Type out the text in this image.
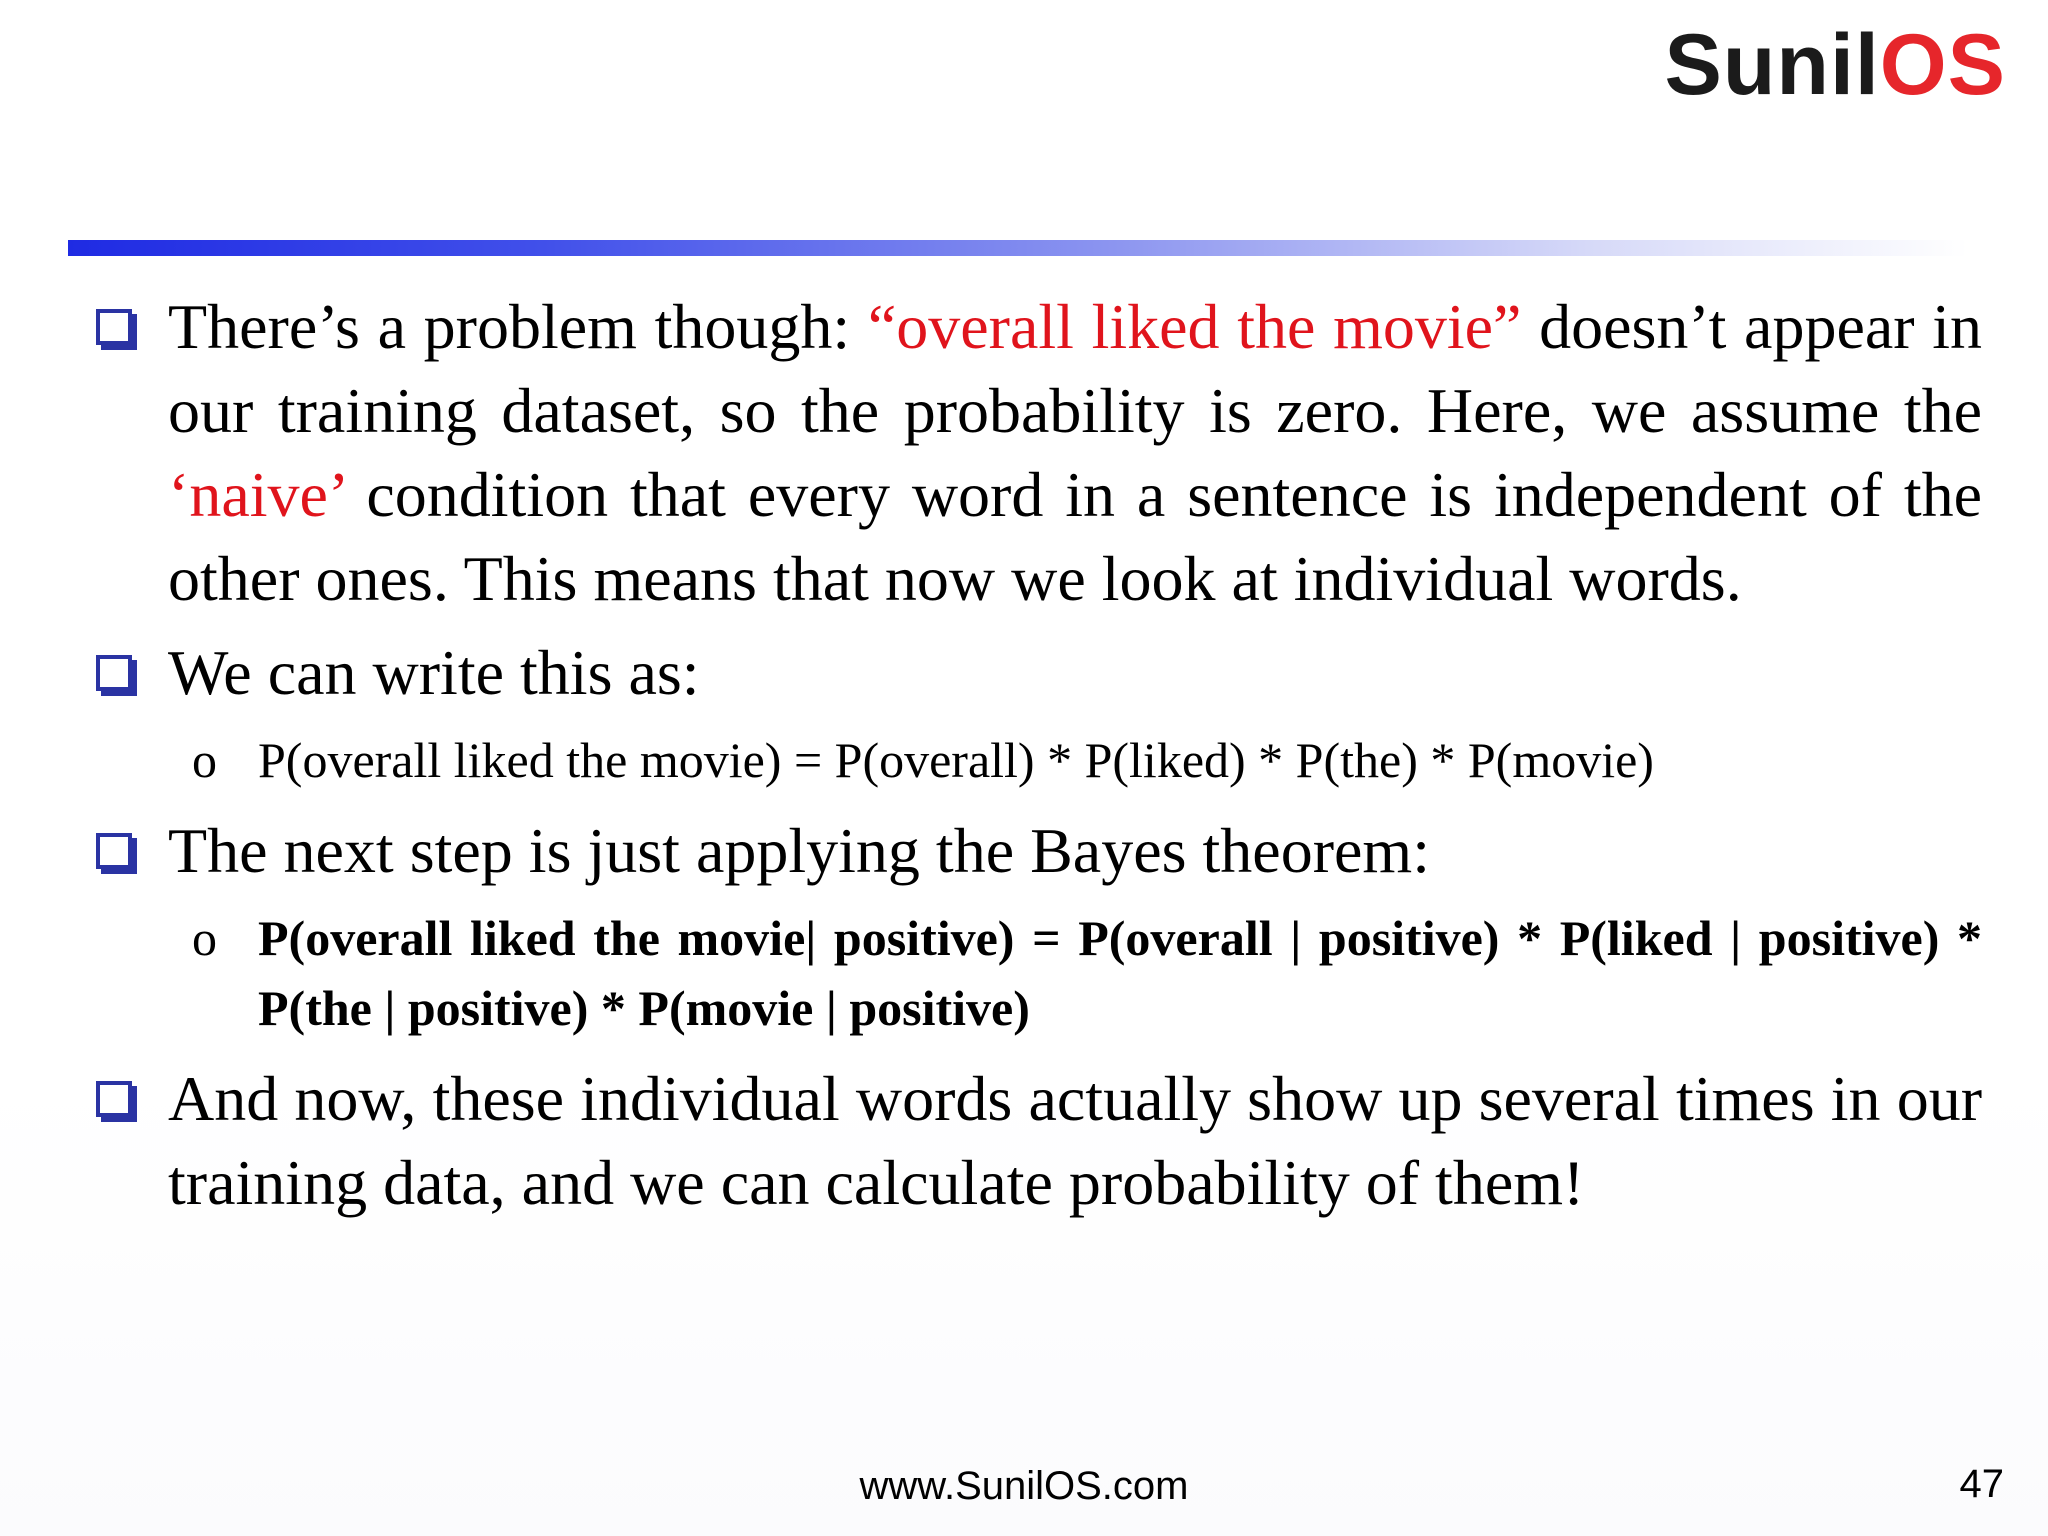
SunilOS
There’s a problem though: “overall liked the movie” doesn’t appear in our training dataset, so the probability is zero. Here, we assume the ‘naive’ condition that every word in a sentence is independent of the other ones. This means that now we look at individual words.
We can write this as:
o P(overall liked the movie) = P(overall) * P(liked) * P(the) * P(movie)
The next step is just applying the Bayes theorem:
o P(overall liked the movie| positive) = P(overall | positive) * P(liked | positive) * P(the | positive) * P(movie | positive)
And now, these individual words actually show up several times in our training data, and we can calculate probability of them!
www.SunilOS.com	47
